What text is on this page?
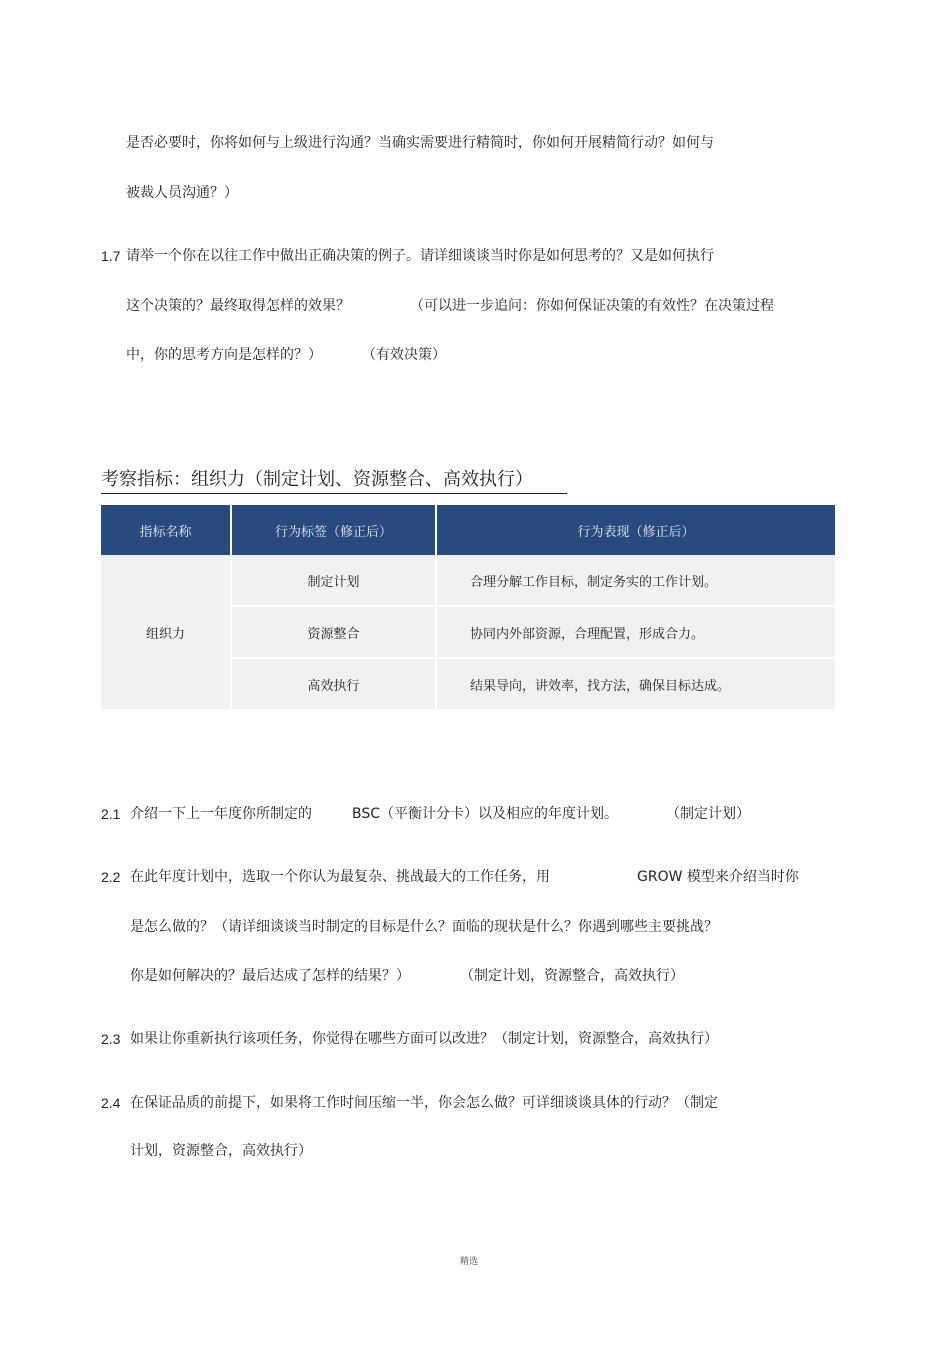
是否必要时，你将如何与上级进行沟通？当确实需要进行精简时，你如何开展精简行动？如何与
被裁人员沟通？）
1.7 请举一个你在以往工作中做出正确决策的例子。请详细谈谈当时你是如何思考的？又是如何执行
这个决策的？最终取得怎样的效果？	（可以进一步追问：你如何保证决策的有效性？在决策过程
中，你的思考方向是怎样的？）	（有效决策）
考察指标：组织力（制定计划、资源整合、高效执行）
指标名称	行为标签（修正后）	行为表现（修正后）
组织力	制定计划	合理分解工作目标，制定务实的工作计划。
	资源整合	协同内外部资源，合理配置，形成合力。
	高效执行	结果导向，讲效率，找方法，确保目标达成。
2.1 介绍一下上一年度你所制定的	BSC（平衡计分卡）以及相应的年度计划。	（制定计划）
2.2 在此年度计划中，选取一个你认为最复杂、挑战最大的工作任务，用	GROW 模型来介绍当时你
是怎么做的？（请详细谈谈当时制定的目标是什么？面临的现状是什么？你遇到哪些主要挑战？
你是如何解决的？最后达成了怎样的结果？）	（制定计划，资源整合，高效执行）
2.3 如果让你重新执行该项任务，你觉得在哪些方面可以改进？（制定计划，资源整合，高效执行）
2.4 在保证品质的前提下，如果将工作时间压缩一半，你会怎么做？可详细谈谈具体的行动？（制定
计划，资源整合，高效执行）
精选
